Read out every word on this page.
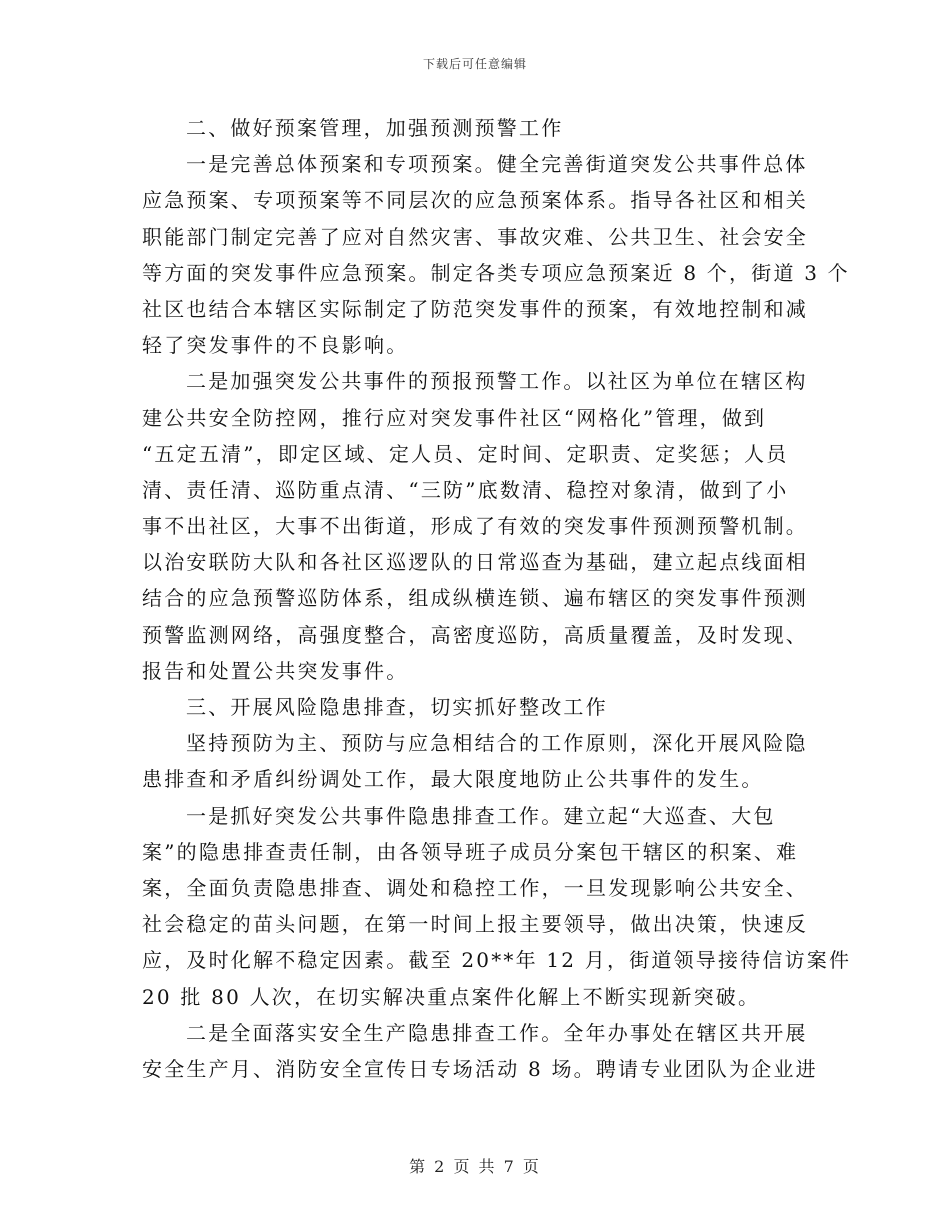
下载后可任意编辑
二、做好预案管理，加强预测预警工作
一是完善总体预案和专项预案。健全完善街道突发公共事件总体
应急预案、专项预案等不同层次的应急预案体系。指导各社区和相关
职能部门制定完善了应对自然灾害、事故灾难、公共卫生、社会安全
等方面的突发事件应急预案。制定各类专项应急预案近 8 个，街道 3 个
社区也结合本辖区实际制定了防范突发事件的预案，有效地控制和减
轻了突发事件的不良影响。
二是加强突发公共事件的预报预警工作。以社区为单位在辖区构
建公共安全防控网，推行应对突发事件社区“网格化”管理，做到
“五定五清”，即定区域、定人员、定时间、定职责、定奖惩；人员
清、责任清、巡防重点清、“三防”底数清、稳控对象清，做到了小
事不出社区，大事不出街道，形成了有效的突发事件预测预警机制。
以治安联防大队和各社区巡逻队的日常巡查为基础，建立起点线面相
结合的应急预警巡防体系，组成纵横连锁、遍布辖区的突发事件预测
预警监测网络，高强度整合，高密度巡防，高质量覆盖，及时发现、
报告和处置公共突发事件。
三、开展风险隐患排查，切实抓好整改工作
坚持预防为主、预防与应急相结合的工作原则，深化开展风险隐
患排查和矛盾纠纷调处工作，最大限度地防止公共事件的发生。
一是抓好突发公共事件隐患排查工作。建立起“大巡查、大包
案”的隐患排查责任制，由各领导班子成员分案包干辖区的积案、难
案，全面负责隐患排查、调处和稳控工作，一旦发现影响公共安全、
社会稳定的苗头问题，在第一时间上报主要领导，做出决策，快速反
应，及时化解不稳定因素。截至 20**年 12 月，街道领导接待信访案件
20 批 80 人次，在切实解决重点案件化解上不断实现新突破。
二是全面落实安全生产隐患排查工作。全年办事处在辖区共开展
安全生产月、消防安全宣传日专场活动 8 场。聘请专业团队为企业进
第 2 页 共 7 页
